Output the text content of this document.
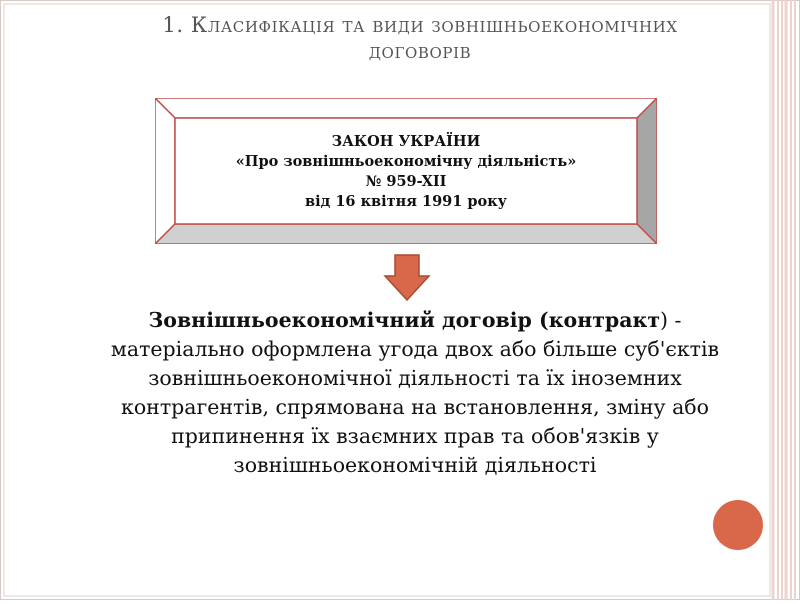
1. Класифікація та види зовнішньоекономічних
договорів
ЗАКОН УКРАЇНИ
«Про зовнішньоекономічну діяльність»
№ 959-XII
від 16 квітня 1991 року
Зовнішньоекономічний договір (контракт) - матеріально оформлена угода двох або більше суб'єктів зовнішньоекономічної діяльності та їх іноземних контрагентів, спрямована на встановлення, зміну або припинення їх взаємних прав та обов'язків у зовнішньоекономічній діяльності
